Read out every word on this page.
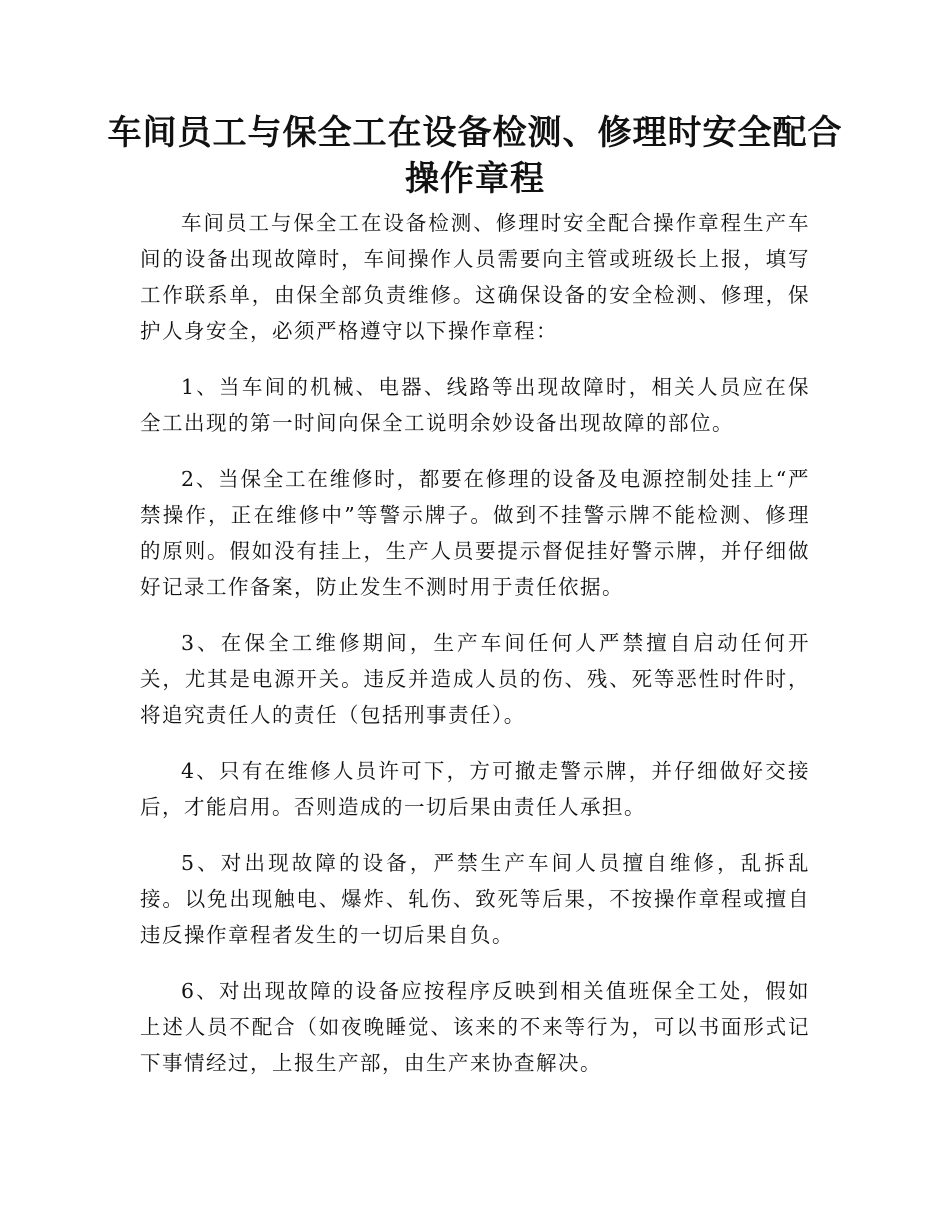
车间员工与保全工在设备检测、修理时安全配合
操作章程

车间员工与保全工在设备检测、修理时安全配合操作章程生产车间的设备出现故障时，车间操作人员需要向主管或班级长上报，填写工作联系单，由保全部负责维修。这确保设备的安全检测、修理，保护人身安全，必须严格遵守以下操作章程：

1、当车间的机械、电器、线路等出现故障时，相关人员应在保全工出现的第一时间向保全工说明余妙设备出现故障的部位。

2、当保全工在维修时，都要在修理的设备及电源控制处挂上“严禁操作，正在维修中”等警示牌子。做到不挂警示牌不能检测、修理的原则。假如没有挂上，生产人员要提示督促挂好警示牌，并仔细做好记录工作备案，防止发生不测时用于责任依据。

3、在保全工维修期间，生产车间任何人严禁擅自启动任何开关，尤其是电源开关。违反并造成人员的伤、残、死等恶性时件时，将追究责任人的责任（包括刑事责任）。

4、只有在维修人员许可下，方可撤走警示牌，并仔细做好交接后，才能启用。否则造成的一切后果由责任人承担。

5、对出现故障的设备，严禁生产车间人员擅自维修，乱拆乱接。以免出现触电、爆炸、轧伤、致死等后果，不按操作章程或擅自违反操作章程者发生的一切后果自负。

6、对出现故障的设备应按程序反映到相关值班保全工处，假如上述人员不配合（如夜晚睡觉、该来的不来等行为，可以书面形式记下事情经过，上报生产部，由生产来协查解决。
